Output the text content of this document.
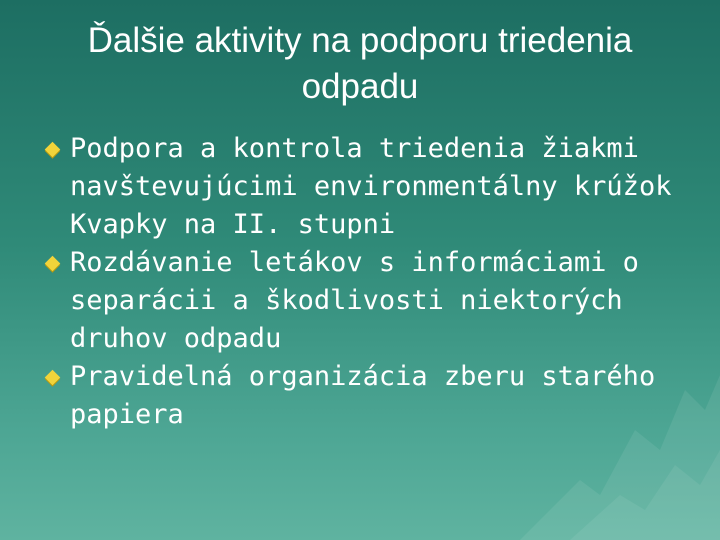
Ďalšie aktivity na podporu triedenia
odpadu
Podpora a kontrola triedenia žiakmi navštevujúcimi environmentálny krúžok Kvapky na II. stupni
Rozdávanie letákov s informáciami o separácii a škodlivosti niektorých druhov odpadu
Pravidelná organizácia zberu starého papiera
